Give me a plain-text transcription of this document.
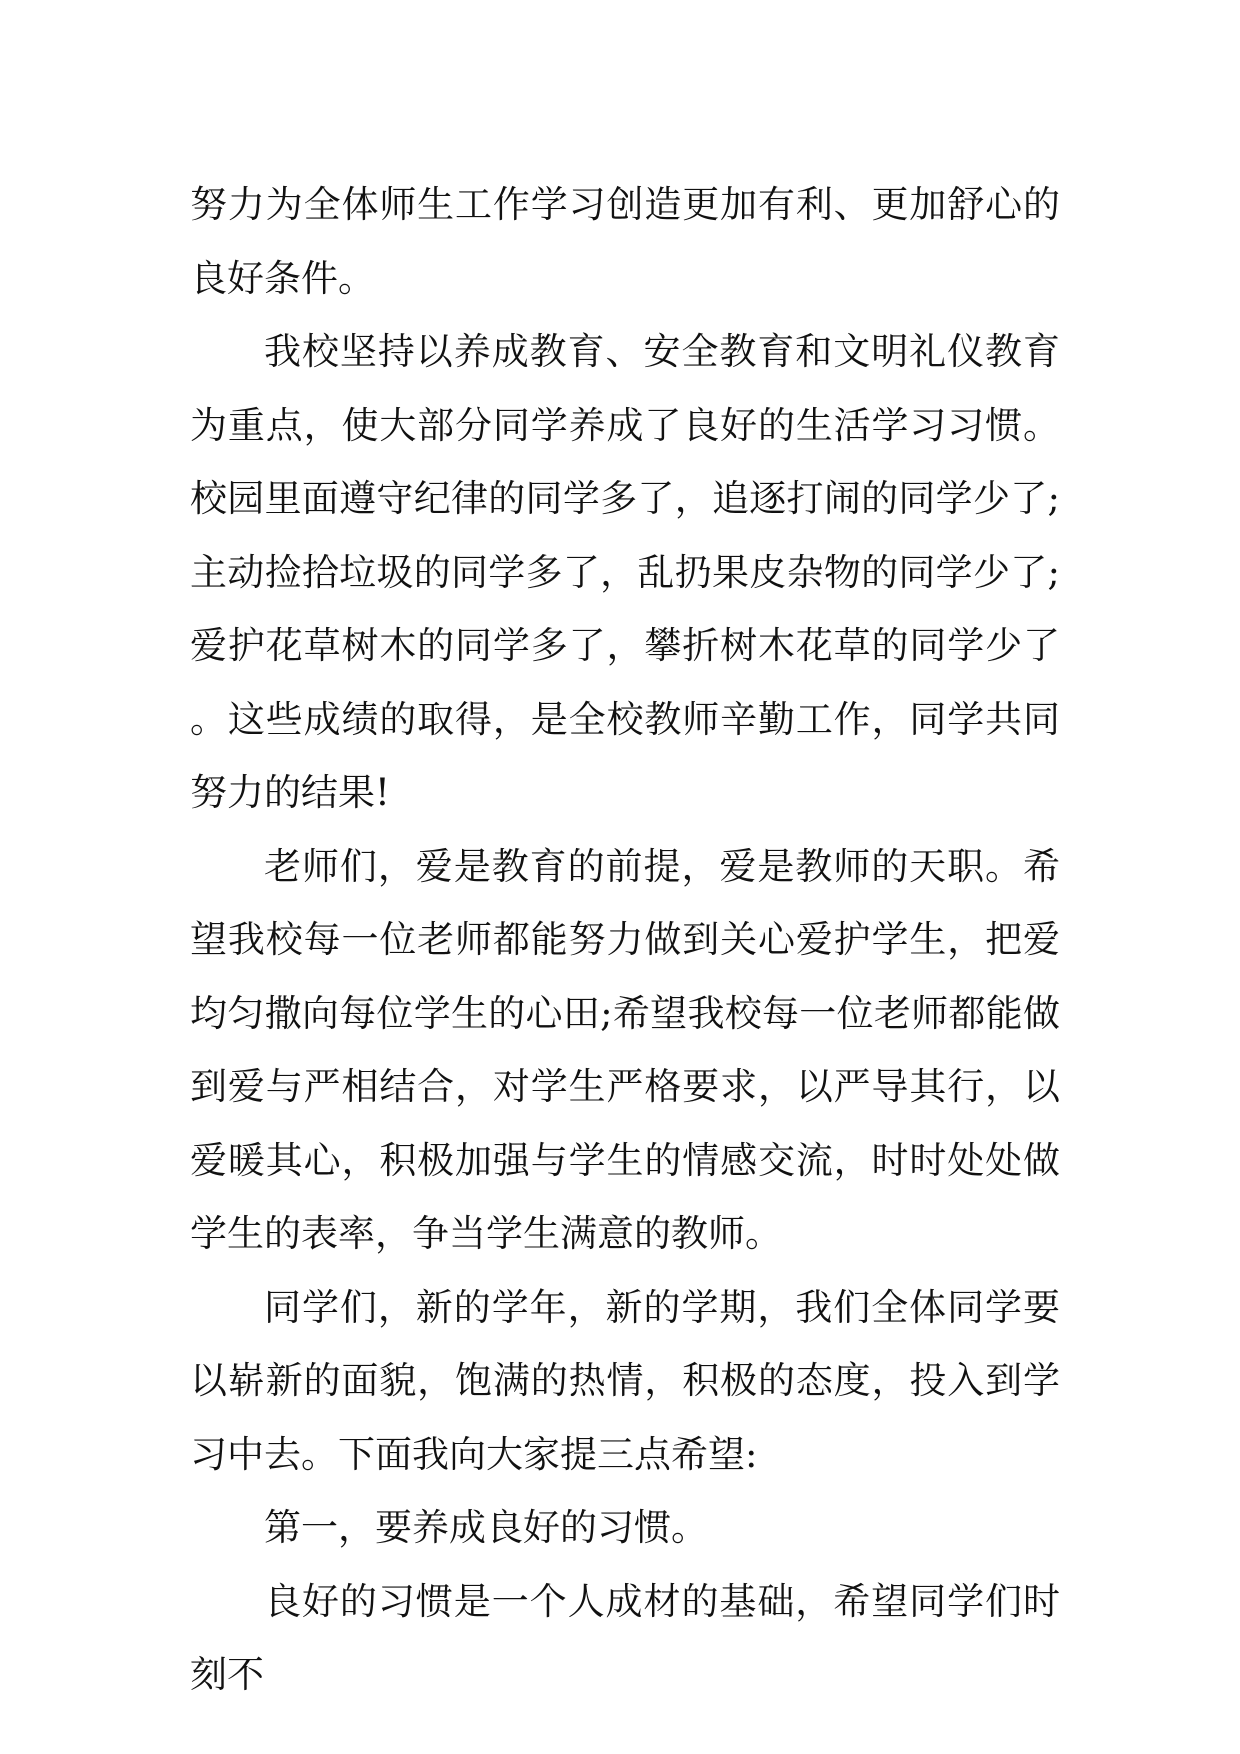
努力为全体师生工作学习创造更加有利、更加舒心的良好条件。

我校坚持以养成教育、安全教育和文明礼仪教育为重点，使大部分同学养成了良好的生活学习习惯。校园里面遵守纪律的同学多了，追逐打闹的同学少了;主动捡拾垃圾的同学多了，乱扔果皮杂物的同学少了;爱护花草树木的同学多了，攀折树木花草的同学少了。这些成绩的取得，是全校教师辛勤工作，同学共同努力的结果!

老师们，爱是教育的前提，爱是教师的天职。希望我校每一位老师都能努力做到关心爱护学生，把爱均匀撒向每位学生的心田;希望我校每一位老师都能做到爱与严相结合，对学生严格要求，以严导其行，以爱暖其心，积极加强与学生的情感交流，时时处处做学生的表率，争当学生满意的教师。

同学们，新的学年，新的学期，我们全体同学要以崭新的面貌，饱满的热情，积极的态度，投入到学习中去。下面我向大家提三点希望:

第一，要养成良好的习惯。

良好的习惯是一个人成材的基础，希望同学们时刻不
